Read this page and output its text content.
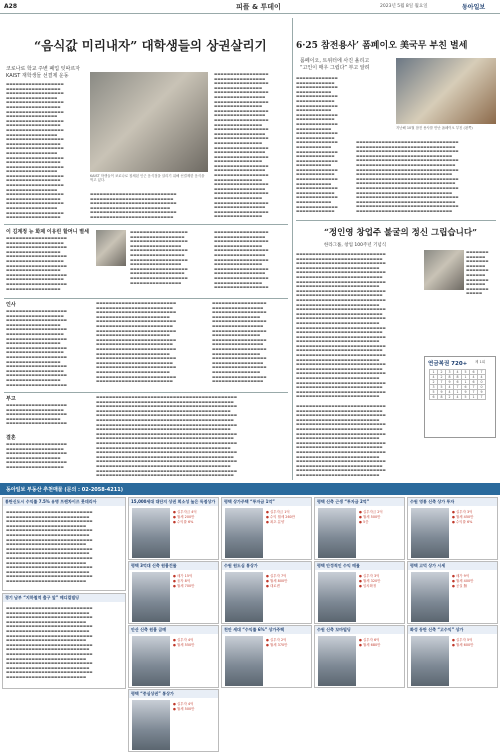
A28	피플 & 투데이	2023년 5월 8일 월요일	동아일보
“음식값 미리내자” 대학생들의 상권살리기
코로나로 학교 주변 폐업 잇따르자
KAIST 재학생들 선결제 운동
▬▬▬▬▬▬▬▬▬▬▬▬▬▬▬▬▬▬
▬▬▬▬▬▬▬▬▬▬▬▬▬▬▬▬▬
▬▬▬▬▬▬▬▬▬▬▬▬▬▬▬▬▬▬
▬▬▬▬▬▬▬▬▬▬▬▬▬▬▬▬
▬▬▬▬▬▬▬▬▬▬▬▬▬▬▬▬▬▬
▬▬▬▬▬▬▬▬▬▬▬▬▬▬▬▬▬
▬▬▬▬▬▬▬▬▬▬▬▬▬▬▬▬▬▬
▬▬▬▬▬▬▬▬▬▬▬▬▬▬▬▬
▬▬▬▬▬▬▬▬▬▬▬▬▬▬▬▬▬▬
▬▬▬▬▬▬▬▬▬▬▬▬▬▬▬▬▬
▬▬▬▬▬▬▬▬▬▬▬▬▬▬▬▬▬▬
▬▬▬▬▬▬▬▬▬▬▬▬▬▬▬▬
▬▬▬▬▬▬▬▬▬▬▬▬▬▬▬▬▬▬
▬▬▬▬▬▬▬▬▬▬▬▬▬▬▬▬▬
▬▬▬▬▬▬▬▬▬▬▬▬▬▬▬▬▬▬
▬▬▬▬▬▬▬▬▬▬▬▬▬▬▬▬
▬▬▬▬▬▬▬▬▬▬▬▬▬▬▬▬▬▬
▬▬▬▬▬▬▬▬▬▬▬▬▬▬▬▬▬
▬▬▬▬▬▬▬▬▬▬▬▬▬▬▬▬▬▬
▬▬▬▬▬▬▬▬▬▬▬▬▬▬▬▬
▬▬▬▬▬▬▬▬▬▬▬▬▬▬▬▬▬▬
▬▬▬▬▬▬▬▬▬▬▬▬▬▬▬▬▬
▬▬▬▬▬▬▬▬▬▬▬▬▬▬▬▬▬▬
▬▬▬▬▬▬▬▬▬▬▬▬▬▬▬▬
▬▬▬▬▬▬▬▬▬▬▬▬▬▬▬▬▬▬
▬▬▬▬▬▬▬▬▬▬▬▬▬▬▬▬▬
▬▬▬▬▬▬▬▬▬▬▬▬▬▬▬▬▬▬
▬▬▬▬▬▬▬▬▬▬▬▬▬▬▬▬
▬▬▬▬▬▬▬▬▬▬▬▬▬▬▬▬▬▬
▬▬▬▬▬▬▬▬▬▬▬▬▬▬▬▬▬
KAIST 학생들이 코로나로 침체된 인근 음식점을 살리기 위해 선결제한 음식을 먹고 있다.
▬▬▬▬▬▬▬▬▬▬▬▬▬▬▬▬▬▬▬▬▬▬▬▬▬▬▬
▬▬▬▬▬▬▬▬▬▬▬▬▬▬▬▬▬▬▬▬▬▬▬▬▬▬
▬▬▬▬▬▬▬▬▬▬▬▬▬▬▬▬▬▬▬▬▬▬▬▬▬▬▬
▬▬▬▬▬▬▬▬▬▬▬▬▬▬▬▬▬▬▬▬▬▬▬▬▬
▬▬▬▬▬▬▬▬▬▬▬▬▬▬▬▬▬▬▬▬▬▬▬▬▬▬▬
▬▬▬▬▬▬▬▬▬▬▬▬▬▬▬▬▬▬▬▬▬▬▬▬▬▬
▬▬▬▬▬▬▬▬▬▬▬▬▬▬▬▬▬
▬▬▬▬▬▬▬▬▬▬▬▬▬▬▬▬
▬▬▬▬▬▬▬▬▬▬▬▬▬▬▬▬▬
▬▬▬▬▬▬▬▬▬▬▬▬▬▬▬
▬▬▬▬▬▬▬▬▬▬▬▬▬▬▬▬▬
▬▬▬▬▬▬▬▬▬▬▬▬▬▬▬▬
▬▬▬▬▬▬▬▬▬▬▬▬▬▬▬▬▬
▬▬▬▬▬▬▬▬▬▬▬▬▬▬▬
▬▬▬▬▬▬▬▬▬▬▬▬▬▬▬▬▬
▬▬▬▬▬▬▬▬▬▬▬▬▬▬▬▬
▬▬▬▬▬▬▬▬▬▬▬▬▬▬▬▬▬
▬▬▬▬▬▬▬▬▬▬▬▬▬▬▬
▬▬▬▬▬▬▬▬▬▬▬▬▬▬▬▬▬
▬▬▬▬▬▬▬▬▬▬▬▬▬▬▬▬
▬▬▬▬▬▬▬▬▬▬▬▬▬▬▬▬▬
▬▬▬▬▬▬▬▬▬▬▬▬▬▬▬
▬▬▬▬▬▬▬▬▬▬▬▬▬▬▬▬▬
▬▬▬▬▬▬▬▬▬▬▬▬▬▬▬▬
▬▬▬▬▬▬▬▬▬▬▬▬▬▬▬▬▬
▬▬▬▬▬▬▬▬▬▬▬▬▬▬▬
▬▬▬▬▬▬▬▬▬▬▬▬▬▬▬▬▬
▬▬▬▬▬▬▬▬▬▬▬▬▬▬▬▬
▬▬▬▬▬▬▬▬▬▬▬▬▬▬▬▬▬
▬▬▬▬▬▬▬▬▬▬▬▬▬▬▬
▬▬▬▬▬▬▬▬▬▬▬▬▬▬▬▬▬
▬▬▬▬▬▬▬▬▬▬▬▬▬▬▬▬
▬▬▬▬▬▬▬▬▬▬▬▬▬▬▬▬▬
▬▬▬▬▬▬▬▬▬▬▬▬▬▬▬
▬▬▬▬▬▬▬▬▬▬▬▬▬▬▬▬▬
▬▬▬▬▬▬▬▬▬▬▬▬▬▬▬▬
▬▬▬▬▬▬▬▬▬▬▬▬▬▬▬▬▬
▬▬▬▬▬▬▬▬▬▬▬▬▬▬▬
이 김계정 뉴 화제 이유린 할머니 별세
▬▬▬▬▬▬▬▬▬▬▬▬▬▬▬▬▬▬▬
▬▬▬▬▬▬▬▬▬▬▬▬▬▬▬▬▬▬
▬▬▬▬▬▬▬▬▬▬▬▬▬▬▬▬▬▬▬
▬▬▬▬▬▬▬▬▬▬▬▬▬▬▬▬▬
▬▬▬▬▬▬▬▬▬▬▬▬▬▬▬▬▬▬▬
▬▬▬▬▬▬▬▬▬▬▬▬▬▬▬▬▬▬
▬▬▬▬▬▬▬▬▬▬▬▬▬▬▬▬▬▬▬
▬▬▬▬▬▬▬▬▬▬▬▬▬▬▬▬▬
▬▬▬▬▬▬▬▬▬▬▬▬▬▬▬▬▬▬▬
▬▬▬▬▬▬▬▬▬▬▬▬▬▬▬▬▬▬
▬▬▬▬▬▬▬▬▬▬▬▬▬▬▬▬▬▬▬
▬▬▬▬▬▬▬▬▬▬▬▬▬▬▬▬▬
▬▬▬▬▬▬▬▬▬▬▬▬▬▬▬▬▬▬
▬▬▬▬▬▬▬▬▬▬▬▬▬▬▬▬▬
▬▬▬▬▬▬▬▬▬▬▬▬▬▬▬▬▬▬
▬▬▬▬▬▬▬▬▬▬▬▬▬▬▬▬
▬▬▬▬▬▬▬▬▬▬▬▬▬▬▬▬▬▬
▬▬▬▬▬▬▬▬▬▬▬▬▬▬▬▬▬
▬▬▬▬▬▬▬▬▬▬▬▬▬▬▬▬▬▬
▬▬▬▬▬▬▬▬▬▬▬▬▬▬▬▬
▬▬▬▬▬▬▬▬▬▬▬▬▬▬▬▬▬▬
▬▬▬▬▬▬▬▬▬▬▬▬▬▬▬▬▬
▬▬▬▬▬▬▬▬▬▬▬▬▬▬▬▬▬▬
▬▬▬▬▬▬▬▬▬▬▬▬▬▬▬▬
▬▬▬▬▬▬▬▬▬▬▬▬▬▬▬▬▬
▬▬▬▬▬▬▬▬▬▬▬▬▬▬▬▬
▬▬▬▬▬▬▬▬▬▬▬▬▬▬▬▬▬
▬▬▬▬▬▬▬▬▬▬▬▬▬▬▬
▬▬▬▬▬▬▬▬▬▬▬▬▬▬▬▬▬
▬▬▬▬▬▬▬▬▬▬▬▬▬▬▬▬
▬▬▬▬▬▬▬▬▬▬▬▬▬▬▬▬▬
▬▬▬▬▬▬▬▬▬▬▬▬▬▬▬
▬▬▬▬▬▬▬▬▬▬▬▬▬▬▬▬▬
▬▬▬▬▬▬▬▬▬▬▬▬▬▬▬▬
▬▬▬▬▬▬▬▬▬▬▬▬▬▬▬▬▬
▬▬▬▬▬▬▬▬▬▬▬▬▬▬▬
▬▬▬▬▬▬▬▬▬▬▬▬▬▬▬▬▬
6·25 참전용사’ 폼페이오 美국무 부친 별세
폼페이오, 트위터에 사진 올리고
“고인이 매우 그립다” 부고 알려
▬▬▬▬▬▬▬▬▬▬▬▬▬
▬▬▬▬▬▬▬▬▬▬▬▬
▬▬▬▬▬▬▬▬▬▬▬▬▬
▬▬▬▬▬▬▬▬▬▬▬
▬▬▬▬▬▬▬▬▬▬▬▬▬
▬▬▬▬▬▬▬▬▬▬▬▬
▬▬▬▬▬▬▬▬▬▬▬▬▬
▬▬▬▬▬▬▬▬▬▬▬
▬▬▬▬▬▬▬▬▬▬▬▬▬
▬▬▬▬▬▬▬▬▬▬▬▬
▬▬▬▬▬▬▬▬▬▬▬▬▬
▬▬▬▬▬▬▬▬▬▬▬
▬▬▬▬▬▬▬▬▬▬▬▬▬
▬▬▬▬▬▬▬▬▬▬▬▬
▬▬▬▬▬▬▬▬▬▬▬▬▬
▬▬▬▬▬▬▬▬▬▬▬
▬▬▬▬▬▬▬▬▬▬▬▬▬
▬▬▬▬▬▬▬▬▬▬▬▬
▬▬▬▬▬▬▬▬▬▬▬▬▬
▬▬▬▬▬▬▬▬▬▬▬
▬▬▬▬▬▬▬▬▬▬▬▬▬
▬▬▬▬▬▬▬▬▬▬▬▬
▬▬▬▬▬▬▬▬▬▬▬▬▬
▬▬▬▬▬▬▬▬▬▬▬
▬▬▬▬▬▬▬▬▬▬▬▬▬
▬▬▬▬▬▬▬▬▬▬▬▬
▬▬▬▬▬▬▬▬▬▬▬▬▬
▬▬▬▬▬▬▬▬▬▬▬
▬▬▬▬▬▬▬▬▬▬▬▬▬
▬▬▬▬▬▬▬▬▬▬▬▬
지난해 10월 참전 용사를 만난 폼페이오 부친 (왼쪽)
▬▬▬▬▬▬▬▬▬▬▬▬▬▬▬▬▬▬▬▬▬▬▬▬▬▬▬▬▬▬▬▬
▬▬▬▬▬▬▬▬▬▬▬▬▬▬▬▬▬▬▬▬▬▬▬▬▬▬▬▬▬▬▬
▬▬▬▬▬▬▬▬▬▬▬▬▬▬▬▬▬▬▬▬▬▬▬▬▬▬▬▬▬▬▬▬
▬▬▬▬▬▬▬▬▬▬▬▬▬▬▬▬▬▬▬▬▬▬▬▬▬▬▬▬▬▬
▬▬▬▬▬▬▬▬▬▬▬▬▬▬▬▬▬▬▬▬▬▬▬▬▬▬▬▬▬▬▬▬
▬▬▬▬▬▬▬▬▬▬▬▬▬▬▬▬▬▬▬▬▬▬▬▬▬▬▬▬▬▬▬
▬▬▬▬▬▬▬▬▬▬▬▬▬▬▬▬▬▬▬▬▬▬▬▬▬▬▬▬▬▬▬▬
▬▬▬▬▬▬▬▬▬▬▬▬▬▬▬▬▬▬▬▬▬▬▬▬▬▬▬▬▬▬
▬▬▬▬▬▬▬▬▬▬▬▬▬▬▬▬▬▬▬▬▬▬▬▬▬▬▬▬▬▬▬▬
▬▬▬▬▬▬▬▬▬▬▬▬▬▬▬▬▬▬▬▬▬▬▬▬▬▬▬▬▬▬▬
▬▬▬▬▬▬▬▬▬▬▬▬▬▬▬▬▬▬▬▬▬▬▬▬▬▬▬▬▬▬▬▬
▬▬▬▬▬▬▬▬▬▬▬▬▬▬▬▬▬▬▬▬▬▬▬▬▬▬▬▬▬▬
▬▬▬▬▬▬▬▬▬▬▬▬▬▬▬▬▬▬▬▬▬▬▬▬▬▬▬▬▬▬▬▬
▬▬▬▬▬▬▬▬▬▬▬▬▬▬▬▬▬▬▬▬▬▬▬▬▬▬▬▬▬▬▬
▬▬▬▬▬▬▬▬▬▬▬▬▬▬▬▬▬▬▬▬▬▬▬▬▬▬▬▬▬▬▬▬
▬▬▬▬▬▬▬▬▬▬▬▬▬▬▬▬▬▬▬▬▬▬▬▬▬▬▬▬▬▬
“정인영 창업주 불굴의 정신 그립습니다”
한라그룹, 창업 100주년 기념식
▬▬▬▬▬▬▬▬▬▬▬▬▬▬▬▬▬▬▬▬▬▬▬▬▬▬▬▬
▬▬▬▬▬▬▬▬▬▬▬▬▬▬▬▬▬▬▬▬▬▬▬▬▬▬▬
▬▬▬▬▬▬▬▬▬▬▬▬▬▬▬▬▬▬▬▬▬▬▬▬▬▬▬▬
▬▬▬▬▬▬▬▬▬▬▬▬▬▬▬▬▬▬▬▬▬▬▬▬▬▬
▬▬▬▬▬▬▬▬▬▬▬▬▬▬▬▬▬▬▬▬▬▬▬▬▬▬▬▬
▬▬▬▬▬▬▬▬▬▬▬▬▬▬▬▬▬▬▬▬▬▬▬▬▬▬▬
▬▬▬▬▬▬▬▬▬▬▬▬▬▬▬▬▬▬▬▬▬▬▬▬▬▬▬▬
▬▬▬▬▬▬▬▬▬▬▬▬▬▬▬▬▬▬▬▬▬▬▬▬▬▬
▬▬▬▬▬▬▬▬▬▬▬▬▬▬▬▬▬▬▬▬▬▬▬▬▬▬▬▬
▬▬▬▬▬▬▬▬▬▬▬▬▬▬▬▬▬▬▬▬▬▬▬▬▬▬▬
▬▬▬▬▬▬▬▬▬▬▬▬▬▬▬▬▬▬▬▬▬▬▬▬▬▬▬▬
▬▬▬▬▬▬▬▬▬▬▬▬▬▬▬▬▬▬▬▬▬▬▬▬▬▬
▬▬▬▬▬▬▬▬▬▬▬▬▬▬▬▬▬▬▬▬▬▬▬▬▬▬▬▬
▬▬▬▬▬▬▬▬▬▬▬▬▬▬▬▬▬▬▬▬▬▬▬▬▬▬▬
▬▬▬▬▬▬▬▬▬▬▬▬▬▬▬▬▬▬▬▬▬▬▬▬▬▬▬▬
▬▬▬▬▬▬▬▬▬▬▬▬▬▬▬▬▬▬▬▬▬▬▬▬▬▬
▬▬▬▬▬▬▬▬▬▬▬▬▬▬▬▬▬▬▬▬▬▬▬▬▬▬▬▬
▬▬▬▬▬▬▬▬▬▬▬▬▬▬▬▬▬▬▬▬▬▬▬▬▬▬▬
▬▬▬▬▬▬▬▬▬▬▬▬▬▬▬▬▬▬▬▬▬▬▬▬▬▬▬▬
▬▬▬▬▬▬▬▬▬▬▬▬▬▬▬▬▬▬▬▬▬▬▬▬▬▬
▬▬▬▬▬▬▬▬▬▬▬▬▬▬▬▬▬▬▬▬▬▬▬▬▬▬▬▬
▬▬▬▬▬▬▬▬▬▬▬▬▬▬▬▬▬▬▬▬▬▬▬▬▬▬▬
▬▬▬▬▬▬▬▬▬▬▬▬▬▬▬▬▬▬▬▬▬▬▬▬▬▬▬▬
▬▬▬▬▬▬▬▬▬▬▬▬▬▬▬▬▬▬▬▬▬▬▬▬▬▬
▬▬▬▬▬▬▬▬▬▬▬▬▬▬▬▬▬▬▬▬▬▬▬▬▬▬▬▬
▬▬▬▬▬▬▬▬▬▬▬▬▬▬▬▬▬▬▬▬▬▬▬▬▬▬▬
▬▬▬▬▬▬▬▬▬▬▬▬▬▬▬▬▬▬▬▬▬▬▬▬▬▬▬▬
▬▬▬▬▬▬▬▬▬▬▬▬▬▬▬▬▬▬▬▬▬▬▬▬▬▬
▬▬▬▬▬▬▬▬▬▬▬▬▬▬▬▬▬▬▬▬▬▬▬▬▬▬▬▬
▬▬▬▬▬▬▬▬▬▬▬▬▬▬▬▬▬▬▬▬▬▬▬▬▬▬▬
▬▬▬▬▬▬▬▬▬▬▬▬▬▬▬▬▬▬▬▬▬▬▬▬▬▬▬▬
▬▬▬▬▬▬▬▬▬▬▬▬▬▬▬▬▬▬▬▬▬▬▬▬▬▬
▬▬▬▬▬▬▬
▬▬▬▬▬▬
▬▬▬▬▬▬▬
▬▬▬▬▬▬
▬▬▬▬▬▬▬
▬▬▬▬▬▬
▬▬▬▬▬▬▬
▬▬▬▬▬▬
▬▬▬▬▬▬▬
▬▬▬▬▬
연금복권 720+ 제 1회
1	2	3	4	5	6	7
4	2	8	8	1	4	4
2	7	9	6	1	6	0
3	5	4	7	6	7	0
5	9	4	1	9	7	9
6	8	2	4	5	1	7
인사
▬▬▬▬▬▬▬▬▬▬▬▬▬▬▬▬▬▬▬
▬▬▬▬▬▬▬▬▬▬▬▬▬▬▬▬▬▬
▬▬▬▬▬▬▬▬▬▬▬▬▬▬▬▬▬▬▬
▬▬▬▬▬▬▬▬▬▬▬▬▬▬▬▬▬
▬▬▬▬▬▬▬▬▬▬▬▬▬▬▬▬▬▬▬
▬▬▬▬▬▬▬▬▬▬▬▬▬▬▬▬▬▬
▬▬▬▬▬▬▬▬▬▬▬▬▬▬▬▬▬▬▬
▬▬▬▬▬▬▬▬▬▬▬▬▬▬▬▬▬
▬▬▬▬▬▬▬▬▬▬▬▬▬▬▬▬▬▬▬
▬▬▬▬▬▬▬▬▬▬▬▬▬▬▬▬▬▬
▬▬▬▬▬▬▬▬▬▬▬▬▬▬▬▬▬▬▬
▬▬▬▬▬▬▬▬▬▬▬▬▬▬▬▬▬
▬▬▬▬▬▬▬▬▬▬▬▬▬▬▬▬▬▬▬
▬▬▬▬▬▬▬▬▬▬▬▬▬▬▬▬▬▬
▬▬▬▬▬▬▬▬▬▬▬▬▬▬▬▬▬▬▬
▬▬▬▬▬▬▬▬▬▬▬▬▬▬▬▬▬
▬▬▬▬▬▬▬▬▬▬▬▬▬▬▬▬▬▬▬
▬▬▬▬▬▬▬▬▬▬▬▬▬▬▬▬▬▬▬▬▬▬▬▬▬
▬▬▬▬▬▬▬▬▬▬▬▬▬▬▬▬▬▬▬▬▬▬▬▬
▬▬▬▬▬▬▬▬▬▬▬▬▬▬▬▬▬▬▬▬▬▬▬▬▬
▬▬▬▬▬▬▬▬▬▬▬▬▬▬▬▬▬▬▬▬▬▬▬
▬▬▬▬▬▬▬▬▬▬▬▬▬▬▬▬▬▬▬▬▬▬▬▬▬
▬▬▬▬▬▬▬▬▬▬▬▬▬▬▬▬▬▬▬▬▬▬▬▬
▬▬▬▬▬▬▬▬▬▬▬▬▬▬▬▬▬▬▬▬▬▬▬▬▬
▬▬▬▬▬▬▬▬▬▬▬▬▬▬▬▬▬▬▬▬▬▬▬
▬▬▬▬▬▬▬▬▬▬▬▬▬▬▬▬▬▬▬▬▬▬▬▬▬
▬▬▬▬▬▬▬▬▬▬▬▬▬▬▬▬▬▬▬▬▬▬▬▬
▬▬▬▬▬▬▬▬▬▬▬▬▬▬▬▬▬▬▬▬▬▬▬▬▬
▬▬▬▬▬▬▬▬▬▬▬▬▬▬▬▬▬▬▬▬▬▬▬
▬▬▬▬▬▬▬▬▬▬▬▬▬▬▬▬▬▬▬▬▬▬▬▬▬
▬▬▬▬▬▬▬▬▬▬▬▬▬▬▬▬▬▬▬▬▬▬▬▬
▬▬▬▬▬▬▬▬▬▬▬▬▬▬▬▬▬▬▬▬▬▬▬▬▬
▬▬▬▬▬▬▬▬▬▬▬▬▬▬▬▬▬▬▬▬▬▬▬
▬▬▬▬▬▬▬▬▬▬▬▬▬▬▬▬▬▬▬▬▬▬▬▬▬
▬▬▬▬▬▬▬▬▬▬▬▬▬▬▬▬▬▬▬▬▬▬▬▬
▬▬▬▬▬▬▬▬▬▬▬▬▬▬▬▬▬
▬▬▬▬▬▬▬▬▬▬▬▬▬▬▬▬
▬▬▬▬▬▬▬▬▬▬▬▬▬▬▬▬▬
▬▬▬▬▬▬▬▬▬▬▬▬▬▬▬
▬▬▬▬▬▬▬▬▬▬▬▬▬▬▬▬▬
▬▬▬▬▬▬▬▬▬▬▬▬▬▬▬▬
▬▬▬▬▬▬▬▬▬▬▬▬▬▬▬▬▬
▬▬▬▬▬▬▬▬▬▬▬▬▬▬▬
▬▬▬▬▬▬▬▬▬▬▬▬▬▬▬▬▬
▬▬▬▬▬▬▬▬▬▬▬▬▬▬▬▬
▬▬▬▬▬▬▬▬▬▬▬▬▬▬▬▬▬
▬▬▬▬▬▬▬▬▬▬▬▬▬▬▬
▬▬▬▬▬▬▬▬▬▬▬▬▬▬▬▬▬
▬▬▬▬▬▬▬▬▬▬▬▬▬▬▬▬
▬▬▬▬▬▬▬▬▬▬▬▬▬▬▬▬▬
▬▬▬▬▬▬▬▬▬▬▬▬▬▬▬
▬▬▬▬▬▬▬▬▬▬▬▬▬▬▬▬▬
▬▬▬▬▬▬▬▬▬▬▬▬▬▬▬▬
부고
▬▬▬▬▬▬▬▬▬▬▬▬▬▬▬▬▬▬▬
▬▬▬▬▬▬▬▬▬▬▬▬▬▬▬▬▬▬
▬▬▬▬▬▬▬▬▬▬▬▬▬▬▬▬▬▬▬
▬▬▬▬▬▬▬▬▬▬▬▬▬▬▬▬▬
▬▬▬▬▬▬▬▬▬▬▬▬▬▬▬▬▬▬▬
결혼
▬▬▬▬▬▬▬▬▬▬▬▬▬▬▬▬▬▬▬
▬▬▬▬▬▬▬▬▬▬▬▬▬▬▬▬▬▬
▬▬▬▬▬▬▬▬▬▬▬▬▬▬▬▬▬▬▬
▬▬▬▬▬▬▬▬▬▬▬▬▬▬▬▬▬
▬▬▬▬▬▬▬▬▬▬▬▬▬▬▬▬▬▬▬
▬▬▬▬▬▬▬▬▬▬▬▬▬▬▬▬▬▬
▬▬▬▬▬▬▬▬▬▬▬▬▬▬▬▬▬▬▬▬▬▬▬▬▬▬▬▬▬▬▬▬▬▬▬▬▬▬▬▬▬▬▬▬
▬▬▬▬▬▬▬▬▬▬▬▬▬▬▬▬▬▬▬▬▬▬▬▬▬▬▬▬▬▬▬▬▬▬▬▬▬▬▬▬▬▬▬
▬▬▬▬▬▬▬▬▬▬▬▬▬▬▬▬▬▬▬▬▬▬▬▬▬▬▬▬▬▬▬▬▬▬▬▬▬▬▬▬▬▬▬▬
▬▬▬▬▬▬▬▬▬▬▬▬▬▬▬▬▬▬▬▬▬▬▬▬▬▬▬▬▬▬▬▬▬▬▬▬▬▬▬▬▬▬
▬▬▬▬▬▬▬▬▬▬▬▬▬▬▬▬▬▬▬▬▬▬▬▬▬▬▬▬▬▬▬▬▬▬▬▬▬▬▬▬▬▬▬▬
▬▬▬▬▬▬▬▬▬▬▬▬▬▬▬▬▬▬▬▬▬▬▬▬▬▬▬▬▬▬▬▬▬▬▬▬▬▬▬▬▬▬▬
▬▬▬▬▬▬▬▬▬▬▬▬▬▬▬▬▬▬▬▬▬▬▬▬▬▬▬▬▬▬▬▬▬▬▬▬▬▬▬▬▬▬▬▬
▬▬▬▬▬▬▬▬▬▬▬▬▬▬▬▬▬▬▬▬▬▬▬▬▬▬▬▬▬▬▬▬▬▬▬▬▬▬▬▬▬▬
▬▬▬▬▬▬▬▬▬▬▬▬▬▬▬▬▬▬▬▬▬▬▬▬▬▬▬▬▬▬▬▬▬▬▬▬▬▬▬▬▬▬▬▬
▬▬▬▬▬▬▬▬▬▬▬▬▬▬▬▬▬▬▬▬▬▬▬▬▬▬▬▬▬▬▬▬▬▬▬▬▬▬▬▬▬▬▬
▬▬▬▬▬▬▬▬▬▬▬▬▬▬▬▬▬▬▬▬▬▬▬▬▬▬▬▬▬▬▬▬▬▬▬▬▬▬▬▬▬▬▬▬
▬▬▬▬▬▬▬▬▬▬▬▬▬▬▬▬▬▬▬▬▬▬▬▬▬▬▬▬▬▬▬▬▬▬▬▬▬▬▬▬▬▬
▬▬▬▬▬▬▬▬▬▬▬▬▬▬▬▬▬▬▬▬▬▬▬▬▬▬▬▬▬▬▬▬▬▬▬▬▬▬▬▬▬▬▬▬
▬▬▬▬▬▬▬▬▬▬▬▬▬▬▬▬▬▬▬▬▬▬▬▬▬▬▬▬▬▬▬▬▬▬▬▬▬▬▬▬▬▬▬
▬▬▬▬▬▬▬▬▬▬▬▬▬▬▬▬▬▬▬▬▬▬▬▬▬▬▬▬▬▬▬▬▬▬▬▬▬▬▬▬▬▬▬▬
▬▬▬▬▬▬▬▬▬▬▬▬▬▬▬▬▬▬▬▬▬▬▬▬▬▬▬▬▬▬▬▬▬▬▬▬▬▬▬▬▬▬
▬▬▬▬▬▬▬▬▬▬▬▬▬▬▬▬▬▬▬▬▬▬▬▬▬▬▬▬▬▬▬▬▬▬▬▬▬▬▬▬▬▬▬▬
▬▬▬▬▬▬▬▬▬▬▬▬▬▬▬▬▬▬▬▬▬▬▬▬▬▬▬▬▬▬▬▬▬▬▬▬▬▬▬▬▬▬▬
▬▬▬▬▬▬▬▬▬▬▬▬▬▬▬▬▬▬▬▬▬▬▬▬▬▬▬▬
▬▬▬▬▬▬▬▬▬▬▬▬▬▬▬▬▬▬▬▬▬▬▬▬▬▬▬
▬▬▬▬▬▬▬▬▬▬▬▬▬▬▬▬▬▬▬▬▬▬▬▬▬▬▬▬
▬▬▬▬▬▬▬▬▬▬▬▬▬▬▬▬▬▬▬▬▬▬▬▬▬▬
▬▬▬▬▬▬▬▬▬▬▬▬▬▬▬▬▬▬▬▬▬▬▬▬▬▬▬▬
▬▬▬▬▬▬▬▬▬▬▬▬▬▬▬▬▬▬▬▬▬▬▬▬▬▬▬
▬▬▬▬▬▬▬▬▬▬▬▬▬▬▬▬▬▬▬▬▬▬▬▬▬▬▬▬
▬▬▬▬▬▬▬▬▬▬▬▬▬▬▬▬▬▬▬▬▬▬▬▬▬▬
▬▬▬▬▬▬▬▬▬▬▬▬▬▬▬▬▬▬▬▬▬▬▬▬▬▬▬▬
▬▬▬▬▬▬▬▬▬▬▬▬▬▬▬▬▬▬▬▬▬▬▬▬▬▬▬
▬▬▬▬▬▬▬▬▬▬▬▬▬▬▬▬▬▬▬▬▬▬▬▬▬▬▬▬
▬▬▬▬▬▬▬▬▬▬▬▬▬▬▬▬▬▬▬▬▬▬▬▬▬▬
▬▬▬▬▬▬▬▬▬▬▬▬▬▬▬▬▬▬▬▬▬▬▬▬▬▬▬▬
▬▬▬▬▬▬▬▬▬▬▬▬▬▬▬▬▬▬▬▬▬▬▬▬▬▬▬
▬▬▬▬▬▬▬▬▬▬▬▬▬▬▬▬▬▬▬▬▬▬▬▬▬▬▬▬
▬▬▬▬▬▬▬▬▬▬▬▬▬▬▬▬▬▬▬▬▬▬▬▬▬▬
동아일보 부동산 추천매물 (문의 : 02-2058-4211)
통탄신도시 수익률 7.5% 유명 프랜차이즈 룻데리아
▬▬▬▬▬▬▬▬▬▬▬▬▬▬▬▬▬▬▬▬▬▬▬▬▬▬▬
▬▬▬▬▬▬▬▬▬▬▬▬▬▬▬▬▬▬▬▬▬▬▬▬▬▬
▬▬▬▬▬▬▬▬▬▬▬▬▬▬▬▬▬▬▬▬▬▬▬▬▬▬▬
▬▬▬▬▬▬▬▬▬▬▬▬▬▬▬▬▬▬▬▬▬▬▬▬▬
▬▬▬▬▬▬▬▬▬▬▬▬▬▬▬▬▬▬▬▬▬▬▬▬▬▬▬
▬▬▬▬▬▬▬▬▬▬▬▬▬▬▬▬▬▬▬▬▬▬▬▬▬▬
▬▬▬▬▬▬▬▬▬▬▬▬▬▬▬▬▬▬▬▬▬▬▬▬▬▬▬
▬▬▬▬▬▬▬▬▬▬▬▬▬▬▬▬▬▬▬▬▬▬▬▬▬
▬▬▬▬▬▬▬▬▬▬▬▬▬▬▬▬▬▬▬▬▬▬▬▬▬▬▬
▬▬▬▬▬▬▬▬▬▬▬▬▬▬▬▬▬▬▬▬▬▬▬▬▬▬
▬▬▬▬▬▬▬▬▬▬▬▬▬▬▬▬▬▬▬▬▬▬▬▬▬▬▬
▬▬▬▬▬▬▬▬▬▬▬▬▬▬▬▬▬▬▬▬▬▬▬▬▬
▬▬▬▬▬▬▬▬▬▬▬▬▬▬▬▬▬▬▬▬▬▬▬▬▬▬▬
▬▬▬▬▬▬▬▬▬▬▬▬▬▬▬▬▬▬▬▬▬▬▬▬▬▬
▬▬▬▬▬▬▬▬▬▬▬▬▬▬▬▬▬▬▬▬▬▬▬▬▬▬▬
▬▬▬▬▬▬▬▬▬▬▬▬▬▬▬▬▬▬▬▬▬▬▬▬▬
경기 남부 “지하철역 출구 앞” 메디컬빌딩
▬▬▬▬▬▬▬▬▬▬▬▬▬▬▬▬▬▬▬▬▬▬▬▬▬▬▬
▬▬▬▬▬▬▬▬▬▬▬▬▬▬▬▬▬▬▬▬▬▬▬▬▬▬
▬▬▬▬▬▬▬▬▬▬▬▬▬▬▬▬▬▬▬▬▬▬▬▬▬▬▬
▬▬▬▬▬▬▬▬▬▬▬▬▬▬▬▬▬▬▬▬▬▬▬▬▬
▬▬▬▬▬▬▬▬▬▬▬▬▬▬▬▬▬▬▬▬▬▬▬▬▬▬▬
▬▬▬▬▬▬▬▬▬▬▬▬▬▬▬▬▬▬▬▬▬▬▬▬▬▬
▬▬▬▬▬▬▬▬▬▬▬▬▬▬▬▬▬▬▬▬▬▬▬▬▬▬▬
▬▬▬▬▬▬▬▬▬▬▬▬▬▬▬▬▬▬▬▬▬▬▬▬▬
▬▬▬▬▬▬▬▬▬▬▬▬▬▬▬▬▬▬▬▬▬▬▬▬▬▬▬
▬▬▬▬▬▬▬▬▬▬▬▬▬▬▬▬▬▬▬▬▬▬▬▬▬▬
▬▬▬▬▬▬▬▬▬▬▬▬▬▬▬▬▬▬▬▬▬▬▬▬▬▬▬
▬▬▬▬▬▬▬▬▬▬▬▬▬▬▬▬▬▬▬▬▬▬▬▬▬
▬▬▬▬▬▬▬▬▬▬▬▬▬▬▬▬▬▬▬▬▬▬▬▬▬▬▬
▬▬▬▬▬▬▬▬▬▬▬▬▬▬▬▬▬▬▬▬▬▬▬▬▬▬
▬▬▬▬▬▬▬▬▬▬▬▬▬▬▬▬▬▬▬▬▬▬▬▬▬▬▬
▬▬▬▬▬▬▬▬▬▬▬▬▬▬▬▬▬▬▬▬▬▬▬▬▬
15,000세대 대단지 상권 희소성 높은 독점상가
● 실투자금 4억
● 월세 200만
● 수익률 6%
평택 상가주택 “투자금 1억”
● 실투자금 1억
● 수익 월세 260만
● 최초 분양
평택 신축 근생 “투자금 2억”
● 실투자금 2억
● 월세 500만
● 5층
수원 영통 신축 상가 투자
● 실투자 3억
● 월세 450만
● 수익률 6%
평택 3억대 신축 원룸건물
● 매가 15억
● 융자 8억
● 월세 700만
수원 원도심 통상가
● 실투자 7억
● 월세 800만
● 대로변
평택 안정적인 수익 매물
● 실투자 3억
● 월세 320만
● 임차확정
평택 고덕 상가 시세
● 매가 9억
● 월세 400만
● 공실 無
안산 신축 원룸 급매
● 실투자 4억
● 월세 550만
천안 세대 “수익률 6%” 상가주택
● 실투자 2억
● 월세 370만
수원 신축 꼬마빌딩
● 실투자 6억
● 월세 680만
화성 동탄 신축 “고수익” 상가
● 실투자 5억
● 월세 600만
평택 “중심상권” 통상가
● 실투자 4억
● 월세 500만
